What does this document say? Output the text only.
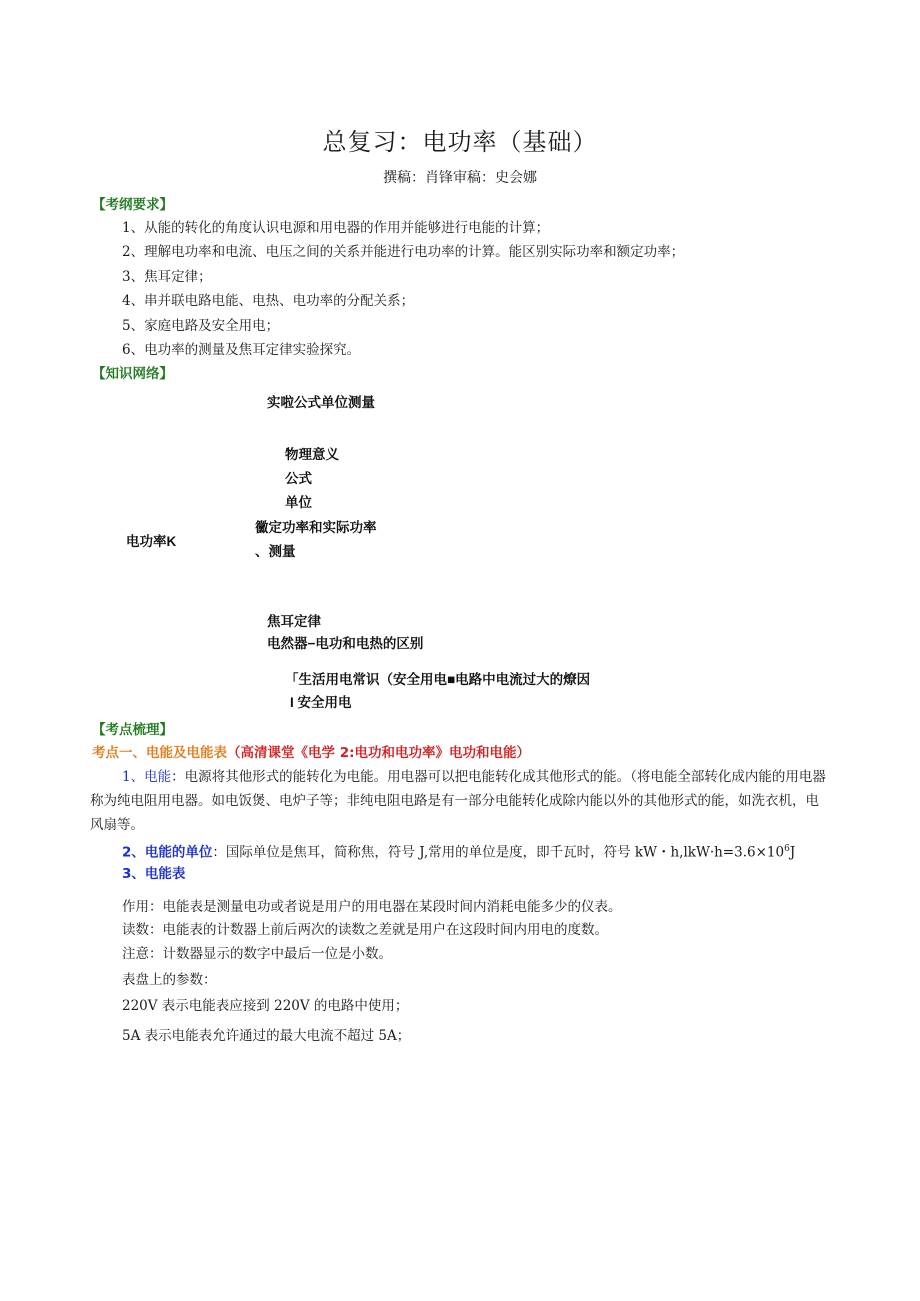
总复习：电功率（基础）
撰稿：肖锋审稿：史会娜
【考纲要求】
1、从能的转化的角度认识电源和用电器的作用并能够进行电能的计算；
2、理解电功率和电流、电压之间的关系并能进行电功率的计算。能区别实际功率和额定功率；
3、焦耳定律；
4、串并联电路电能、电热、电功率的分配关系；
5、家庭电路及安全用电；
6、电功率的测量及焦耳定律实验探究。
【知识网络】
实啦公式单位测量
物理意义
公式
单位
黴定功率和实际功率
电功率K
、测量
焦耳定律
电然器−电功和电热的区别
「生活用电常识（安全用电■电路中电流过大的燎因
I 安全用电
【考点梳理】
考点一、电能及电能表（高清课堂《电学 2:电功和电功率》电功和电能）
1、电能：电源将其他形式的能转化为电能。用电器可以把电能转化成其他形式的能。（将电能全部转化成内能的用电器称为纯电阻用电器。如电饭煲、电炉子等；非纯电阻电路是有一部分电能转化成除内能以外的其他形式的能，如洗衣机，电风扇等。
2、电能的单位：国际单位是焦耳，简称焦，符号 J,常用的单位是度，即千瓦时，符号 kW・$h,lkW\cdot h=3.6\times 10^6J$
3、电能表
作用：电能表是测量电功或者说是用户的用电器在某段时间内消耗电能多少的仪表。
读数：电能表的计数器上前后两次的读数之差就是用户在这段时间内用电的度数。
注意：计数器显示的数字中最后一位是小数。
表盘上的参数：
220V 表示电能表应接到 220V 的电路中使用；
5A 表示电能表允许通过的最大电流不超过 5A；
